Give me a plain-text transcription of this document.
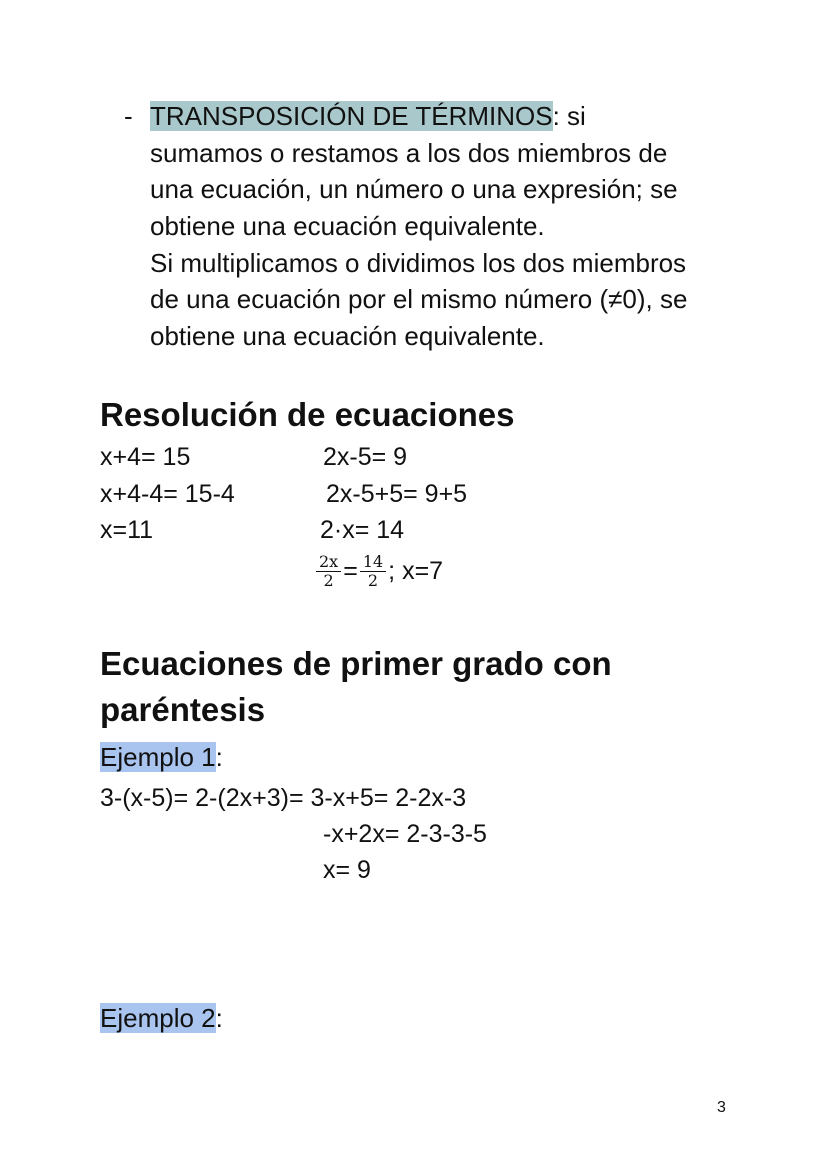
- TRANSPOSICIÓN DE TÉRMINOS: si
sumamos o restamos a los dos miembros de
una ecuación, un número o una expresión; se
obtiene una ecuación equivalente.
Si multiplicamos o dividimos los dos miembros
de una ecuación por el mismo número (≠0), se
obtiene una ecuación equivalente.
Resolución de ecuaciones
x+4= 15
x+4-4= 15-4
x=11
2x-5= 9
2x-5+5= 9+5
2·x= 14
$\frac{2x}{2} = \frac{14}{2}$ ; x=7
Ecuaciones de primer grado con
paréntesis
Ejemplo 1:
3-(x-5)= 2-(2x+3)= 3-x+5= 2-2x-3
-x+2x= 2-3-3-5
x= 9
Ejemplo 2:
3
